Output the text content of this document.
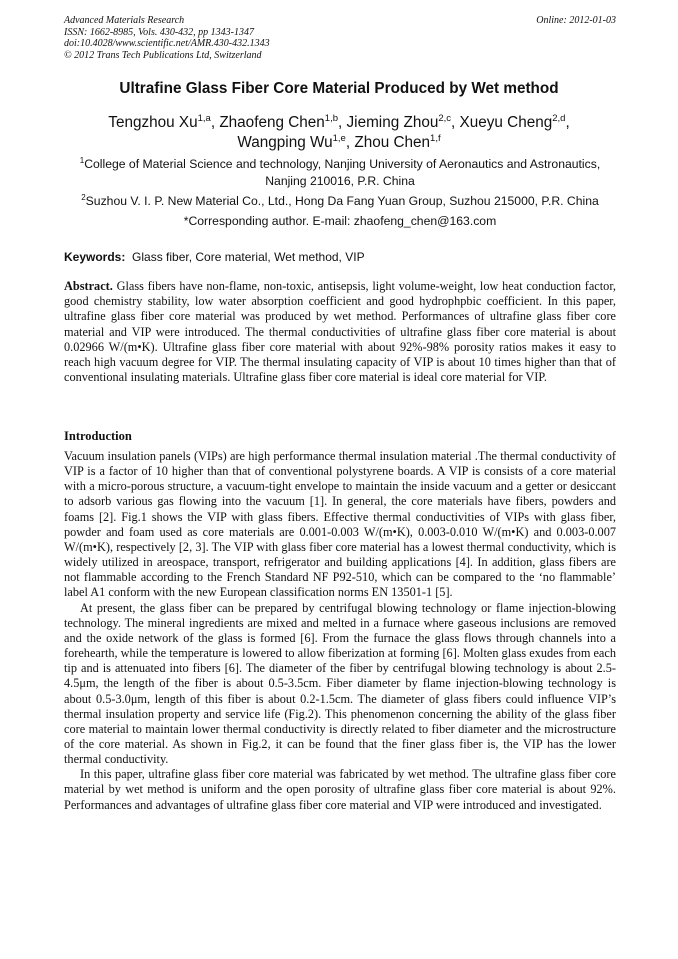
Advanced Materials Research
ISSN: 1662-8985, Vols. 430-432, pp 1343-1347
doi:10.4028/www.scientific.net/AMR.430-432.1343
© 2012 Trans Tech Publications Ltd, Switzerland
Online: 2012-01-03
Ultrafine Glass Fiber Core Material Produced by Wet method
Tengzhou Xu$^{1,a}$, Zhaofeng Chen$^{1,b}$, Jieming Zhou$^{2,c}$, Xueyu Cheng$^{2,d}$,
Wangping Wu$^{1,e}$, Zhou Chen$^{1,f}$
$^1$College of Material Science and technology, Nanjing University of Aeronautics and Astronautics, Nanjing 210016, P.R. China
$^2$Suzhou V. I. P. New Material Co., Ltd., Hong Da Fang Yuan Group, Suzhou 215000, P.R. China
*Corresponding author. E-mail: zhaofeng_chen@163.com
Keywords: Glass fiber, Core material, Wet method, VIP
Abstract. Glass fibers have non-flame, non-toxic, antisepsis, light volume-weight, low heat conduction factor, good chemistry stability, low water absorption coefficient and good hydrophpbic coefficient. In this paper, ultrafine glass fiber core material was produced by wet method. Performances of ultrafine glass fiber core material and VIP were introduced. The thermal conductivities of ultrafine glass fiber core material is about 0.02966 W/(m•K). Ultrafine glass fiber core material with about 92%-98% porosity ratios makes it easy to reach high vacuum degree for VIP. The thermal insulating capacity of VIP is about 10 times higher than that of conventional insulating materials. Ultrafine glass fiber core material is ideal core material for VIP.
Introduction

Vacuum insulation panels (VIPs) are high performance thermal insulation material .The thermal conductivity of VIP is a factor of 10 higher than that of conventional polystyrene boards. A VIP is consists of a core material with a micro-porous structure, a vacuum-tight envelope to maintain the inside vacuum and a getter or desiccant to adsorb various gas flowing into the vacuum [1]. In general, the core materials have fibers, powders and foams [2]. Fig.1 shows the VIP with glass fibers. Effective thermal conductivities of VIPs with glass fiber, powder and foam used as core materials are 0.001-0.003 W/(m•K), 0.003-0.010 W/(m•K) and 0.003-0.007 W/(m•K), respectively [2, 3]. The VIP with glass fiber core material has a lowest thermal conductivity, which is widely utilized in areospace, transport, refrigerator and building applications [4]. In addition, glass fibers are not flammable according to the French Standard NF P92-510, which can be compared to the ‘no flammable’ label A1 conform with the new European classification norms EN 13501-1 [5].

At present, the glass fiber can be prepared by centrifugal blowing technology or flame injection-blowing technology. The mineral ingredients are mixed and melted in a furnace where gaseous inclusions are removed and the oxide network of the glass is formed [6]. From the furnace the glass flows through channels into a forehearth, while the temperature is lowered to allow fiberization at forming [6]. Molten glass exudes from each tip and is attenuated into fibers [6]. The diameter of the fiber by centrifugal blowing technology is about 2.5-4.5μm, the length of the fiber is about 0.5-3.5cm. Fiber diameter by flame injection-blowing technology is about 0.5-3.0μm, length of this fiber is about 0.2-1.5cm. The diameter of glass fibers could influence VIP’s thermal insulation property and service life (Fig.2). This phenomenon concerning the ability of the glass fiber core material to maintain lower thermal conductivity is directly related to fiber diameter and the microstructure of the core material. As shown in Fig.2, it can be found that the finer glass fiber is, the VIP has the lower thermal conductivity.

In this paper, ultrafine glass fiber core material was fabricated by wet method. The ultrafine glass fiber core material by wet method is uniform and the open porosity of ultrafine glass fiber core material is about 92%. Performances and advantages of ultrafine glass fiber core material and VIP were introduced and investigated.
